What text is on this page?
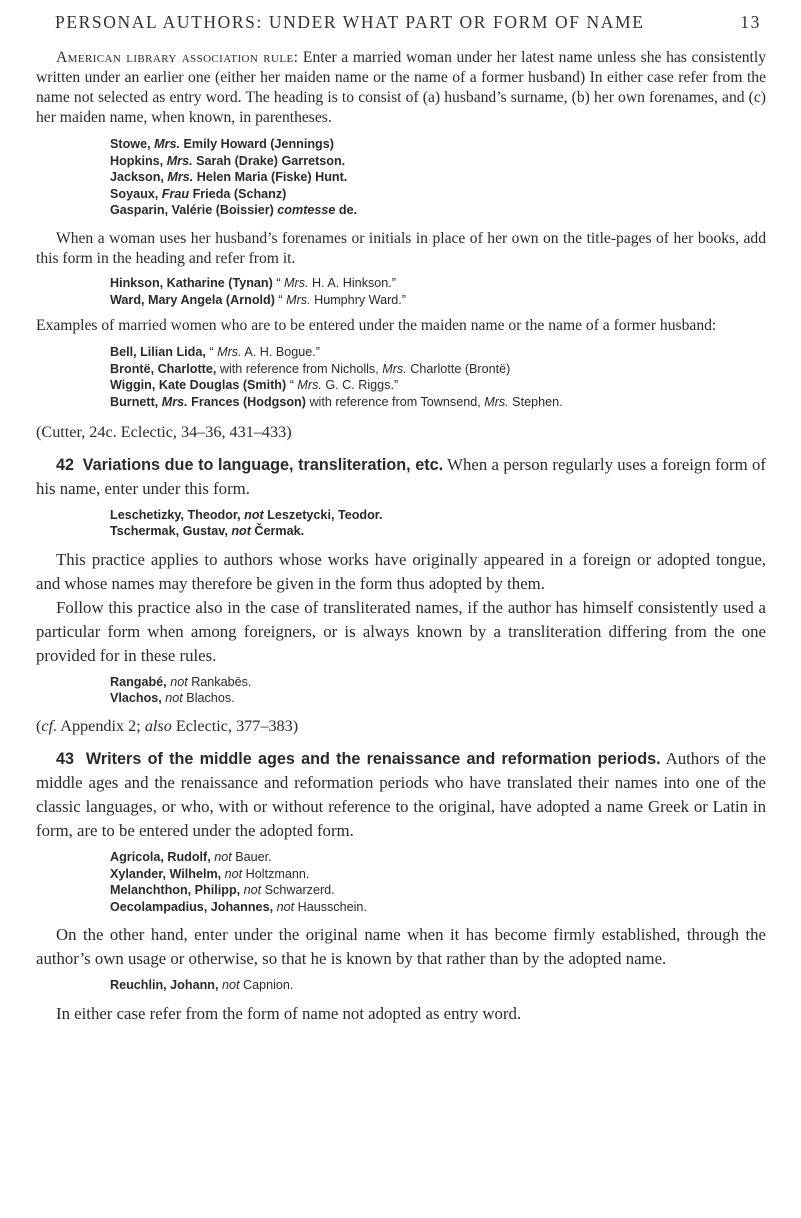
PERSONAL AUTHORS: UNDER WHAT PART OR FORM OF NAME	13

American library association rule: Enter a married woman under her latest name unless she has consistently written under an earlier one (either her maiden name or the name of a former husband) In either case refer from the name not selected as entry word. The heading is to consist of (a) husband’s surname, (b) her own forenames, and (c) her maiden name, when known, in parentheses.

Stowe, Mrs. Emily Howard (Jennings)
Hopkins, Mrs. Sarah (Drake) Garretson.
Jackson, Mrs. Helen Maria (Fiske) Hunt.
Soyaux, Frau Frieda (Schanz)
Gasparin, Valérie (Boissier) comtesse de.

When a woman uses her husband’s forenames or initials in place of her own on the title-pages of her books, add this form in the heading and refer from it.

Hinkson, Katharine (Tynan) “ Mrs. H. A. Hinkson.”
Ward, Mary Angela (Arnold) “ Mrs. Humphry Ward.”

Examples of married women who are to be entered under the maiden name or the name of a former husband:

Bell, Lilian Lida, “ Mrs. A. H. Bogue.”
Brontë, Charlotte, with reference from Nicholls, Mrs. Charlotte (Brontë)
Wiggin, Kate Douglas (Smith) “ Mrs. G. C. Riggs.”
Burnett, Mrs. Frances (Hodgson) with reference from Townsend, Mrs. Stephen.

(Cutter, 24c. Eclectic, 34–36, 431–433)

42 Variations due to language, transliteration, etc. When a person regularly uses a foreign form of his name, enter under this form.

Leschetizky, Theodor, not Leszetycki, Teodor.
Tschermak, Gustav, not Čermak.

This practice applies to authors whose works have originally appeared in a foreign or adopted tongue, and whose names may therefore be given in the form thus adopted by them.

Follow this practice also in the case of transliterated names, if the author has himself consistently used a particular form when among foreigners, or is always known by a transliteration differing from the one provided for in these rules.

Rangabé, not Rankabēs.
Vlachos, not Blachos.

(cf. Appendix 2; also Eclectic, 377–383)

43 Writers of the middle ages and the renaissance and reformation periods. Authors of the middle ages and the renaissance and reformation periods who have translated their names into one of the classic languages, or who, with or without reference to the original, have adopted a name Greek or Latin in form, are to be entered under the adopted form.

Agricola, Rudolf, not Bauer.
Xylander, Wilhelm, not Holtzmann.
Melanchthon, Philipp, not Schwarzerd.
Oecolampadius, Johannes, not Hausschein.

On the other hand, enter under the original name when it has become firmly established, through the author’s own usage or otherwise, so that he is known by that rather than by the adopted name.

Reuchlin, Johann, not Capnion.

In either case refer from the form of name not adopted as entry word.
